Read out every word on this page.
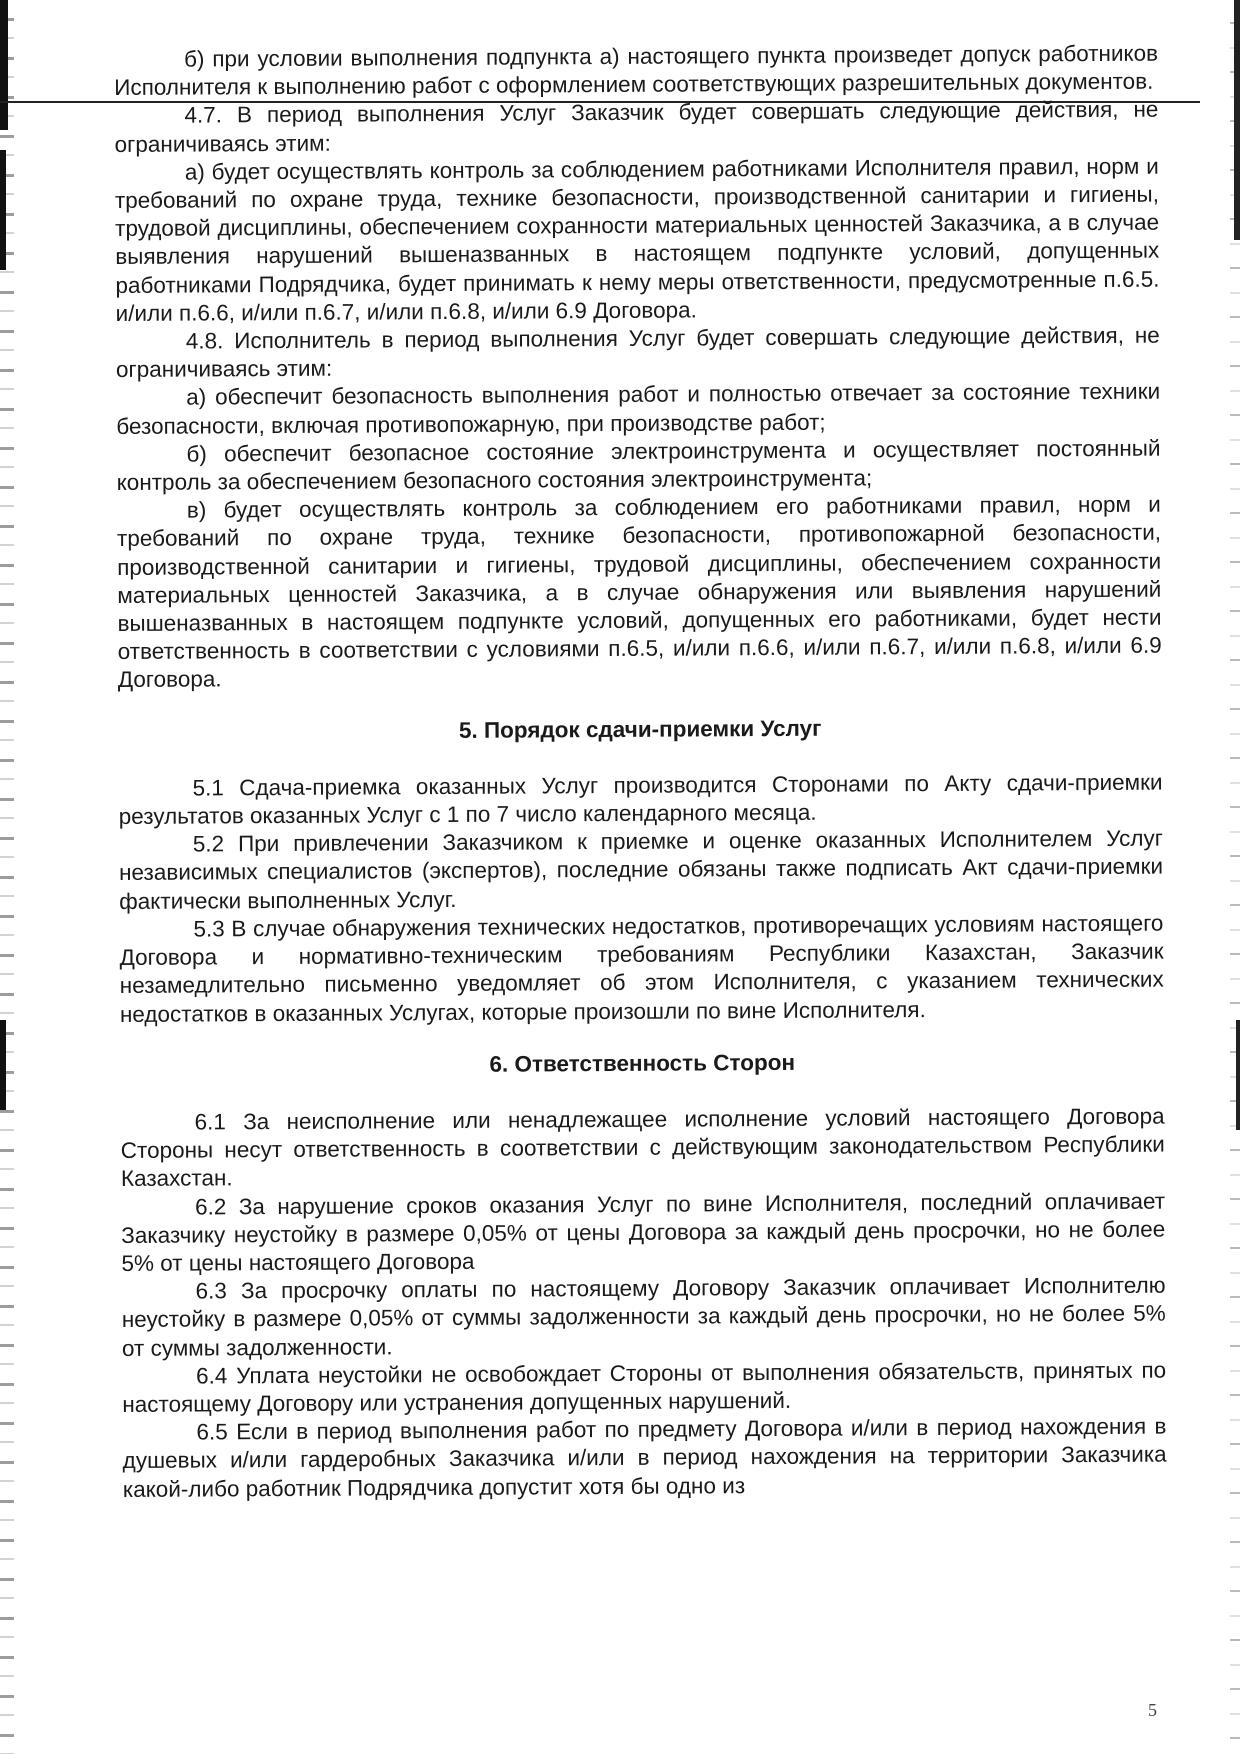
б) при условии выполнения подпункта а) настоящего пункта произведет допуск работников Исполнителя к выполнению работ с оформлением соответствующих разрешительных документов.

4.7. В период выполнения Услуг Заказчик будет совершать следующие действия, не ограничиваясь этим:

а) будет осуществлять контроль за соблюдением работниками Исполнителя правил, норм и требований по охране труда, технике безопасности, производственной санитарии и гигиены, трудовой дисциплины, обеспечением сохранности материальных ценностей Заказчика, а в случае выявления нарушений вышеназванных в настоящем подпункте условий, допущенных работниками Подрядчика, будет принимать к нему меры ответственности, предусмотренные п.6.5. и/или п.6.6, и/или п.6.7, и/или п.6.8, и/или 6.9 Договора.

4.8. Исполнитель в период выполнения Услуг будет совершать следующие действия, не ограничиваясь этим:

а) обеспечит безопасность выполнения работ и полностью отвечает за состояние техники безопасности, включая противопожарную, при производстве работ;

б) обеспечит безопасное состояние электроинструмента и осуществляет постоянный контроль за обеспечением безопасного состояния электроинструмента;

в) будет осуществлять контроль за соблюдением его работниками правил, норм и требований по охране труда, технике безопасности, противопожарной безопасности, производственной санитарии и гигиены, трудовой дисциплины, обеспечением сохранности материальных ценностей Заказчика, а в случае обнаружения или выявления нарушений вышеназванных в настоящем подпункте условий, допущенных его работниками, будет нести ответственность в соответствии с условиями п.6.5, и/или п.6.6, и/или п.6.7, и/или п.6.8, и/или 6.9 Договора.

5. Порядок сдачи-приемки Услуг

5.1 Сдача-приемка оказанных Услуг производится Сторонами по Акту сдачи-приемки результатов оказанных Услуг с 1 по 7 число календарного месяца.

5.2 При привлечении Заказчиком к приемке и оценке оказанных Исполнителем Услуг независимых специалистов (экспертов), последние обязаны также подписать Акт сдачи-приемки фактически выполненных Услуг.

5.3 В случае обнаружения технических недостатков, противоречащих условиям настоящего Договора и нормативно-техническим требованиям Республики Казахстан, Заказчик незамедлительно письменно уведомляет об этом Исполнителя, с указанием технических недостатков в оказанных Услугах, которые произошли по вине Исполнителя.

6. Ответственность Сторон

6.1 За неисполнение или ненадлежащее исполнение условий настоящего Договора Стороны несут ответственность в соответствии с действующим законодательством Республики Казахстан.

6.2 За нарушение сроков оказания Услуг по вине Исполнителя, последний оплачивает Заказчику неустойку в размере 0,05% от цены Договора за каждый день просрочки, но не более 5% от цены настоящего Договора

6.3 За просрочку оплаты по настоящему Договору Заказчик оплачивает Исполнителю неустойку в размере 0,05% от суммы задолженности за каждый день просрочки, но не более 5% от суммы задолженности.

6.4 Уплата неустойки не освобождает Стороны от выполнения обязательств, принятых по настоящему Договору или устранения допущенных нарушений.

6.5 Если в период выполнения работ по предмету Договора и/или в период нахождения в душевых и/или гардеробных Заказчика и/или в период нахождения на территории Заказчика какой-либо работник Подрядчика допустит хотя бы одно из

5
